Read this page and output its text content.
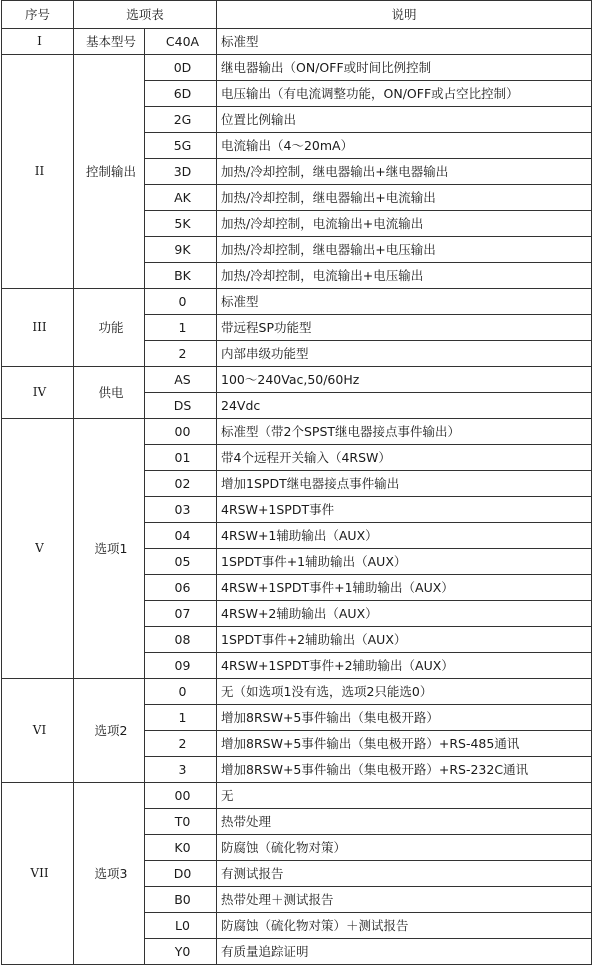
序号	选项表		说明
I	基本型号	C40A	标准型
II	控制输出	0D	继电器输出（ON/OFF或时间比例控制
		6D	电压输出（有电流调整功能，ON/OFF或占空比控制）
		2G	位置比例输出
		5G	电流输出（4～20mA）
		3D	加热/冷却控制，继电器输出+继电器输出
		AK	加热/冷却控制，继电器输出+电流输出
		5K	加热/冷却控制，电流输出+电流输出
		9K	加热/冷却控制，继电器输出+电压输出
		BK	加热/冷却控制，电流输出+电压输出
III	功能	0	标准型
		1	带远程SP功能型
		2	内部串级功能型
IV	供电	AS	100～240Vac,50/60Hz
		DS	24Vdc
V	选项1	00	标准型（带2个SPST继电器接点事件输出）
		01	带4个远程开关输入（4RSW）
		02	增加1SPDT继电器接点事件输出
		03	4RSW+1SPDT事件
		04	4RSW+1辅助输出（AUX）
		05	1SPDT事件+1辅助输出（AUX）
		06	4RSW+1SPDT事件+1辅助输出（AUX）
		07	4RSW+2辅助输出（AUX）
		08	1SPDT事件+2辅助输出（AUX）
		09	4RSW+1SPDT事件+2辅助输出（AUX）
VI	选项2	0	无（如选项1没有选，选项2只能选0）
		1	增加8RSW+5事件输出（集电极开路）
		2	增加8RSW+5事件输出（集电极开路）+RS-485通讯
		3	增加8RSW+5事件输出（集电极开路）+RS-232C通讯
VII	选项3	00	无
		T0	热带处理
		K0	防腐蚀（硫化物对策）
		D0	有测试报告
		B0	热带处理＋测试报告
		L0	防腐蚀（硫化物对策）＋测试报告
		Y0	有质量追踪证明
